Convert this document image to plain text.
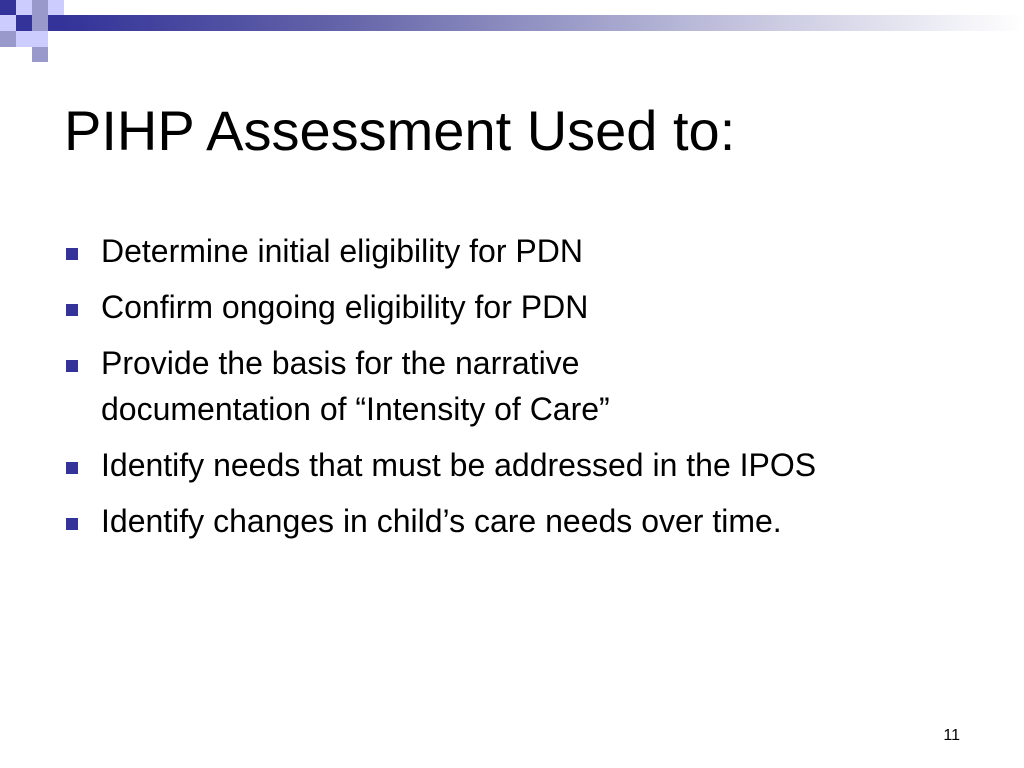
PIHP Assessment Used to:
Determine initial eligibility for PDN
Confirm ongoing eligibility for PDN
Provide the basis for the narrative documentation of “Intensity of Care”
Identify needs that must be addressed in the IPOS
Identify changes in child’s care needs over time.
11
